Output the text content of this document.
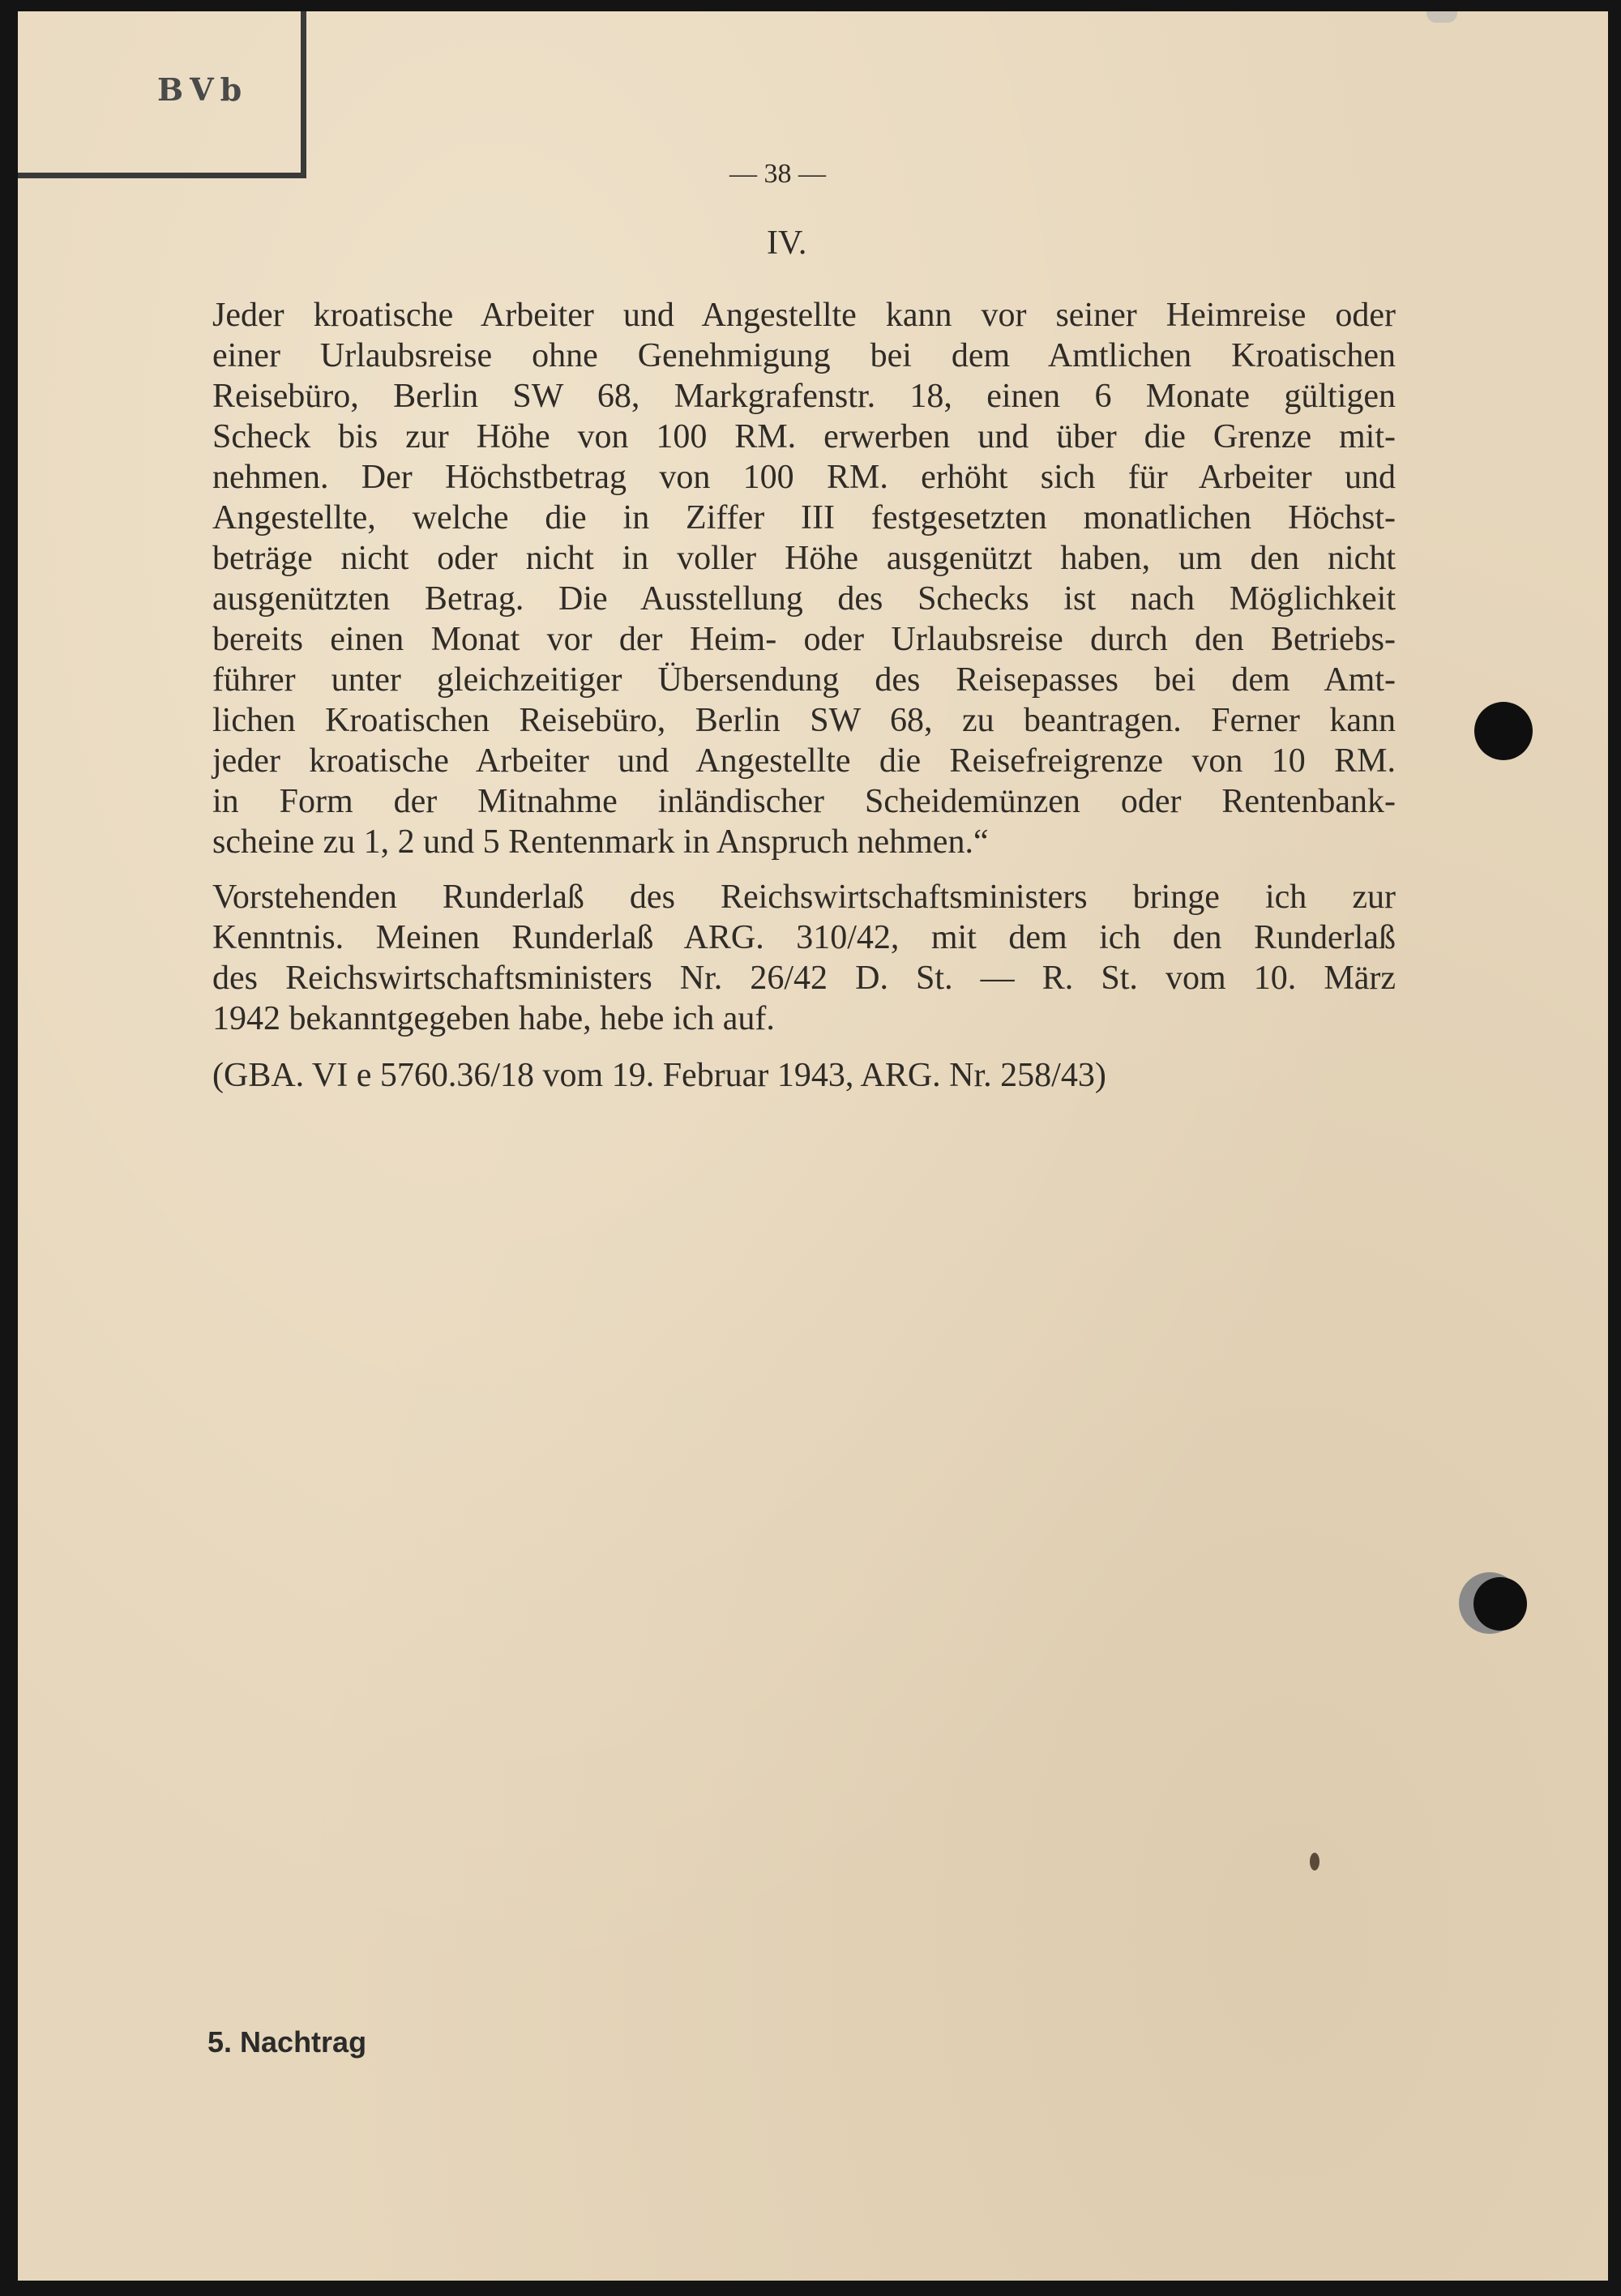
BVb
— 38 —
IV.
Jeder kroatische Arbeiter und Angestellte kann vor seiner Heimreise oder
einer Urlaubsreise ohne Genehmigung bei dem Amtlichen Kroatischen
Reisebüro, Berlin SW 68, Markgrafenstr. 18, einen 6 Monate gültigen
Scheck bis zur Höhe von 100 RM. erwerben und über die Grenze mit-
nehmen. Der Höchstbetrag von 100 RM. erhöht sich für Arbeiter und
Angestellte, welche die in Ziffer III festgesetzten monatlichen Höchst-
beträge nicht oder nicht in voller Höhe ausgenützt haben, um den nicht
ausgenützten Betrag. Die Ausstellung des Schecks ist nach Möglichkeit
bereits einen Monat vor der Heim- oder Urlaubsreise durch den Betriebs-
führer unter gleichzeitiger Übersendung des Reisepasses bei dem Amt-
lichen Kroatischen Reisebüro, Berlin SW 68, zu beantragen. Ferner kann
jeder kroatische Arbeiter und Angestellte die Reisefreigrenze von 10 RM.
in Form der Mitnahme inländischer Scheidemünzen oder Rentenbank-
scheine zu 1, 2 und 5 Rentenmark in Anspruch nehmen.“
Vorstehenden Runderlaß des Reichswirtschaftsministers bringe ich zur
Kenntnis. Meinen Runderlaß ARG. 310/42, mit dem ich den Runderlaß
des Reichswirtschaftsministers Nr. 26/42 D. St. — R. St. vom 10. März
1942 bekanntgegeben habe, hebe ich auf.
(GBA. VI e 5760.36/18 vom 19. Februar 1943, ARG. Nr. 258/43)
5. Nachtrag
